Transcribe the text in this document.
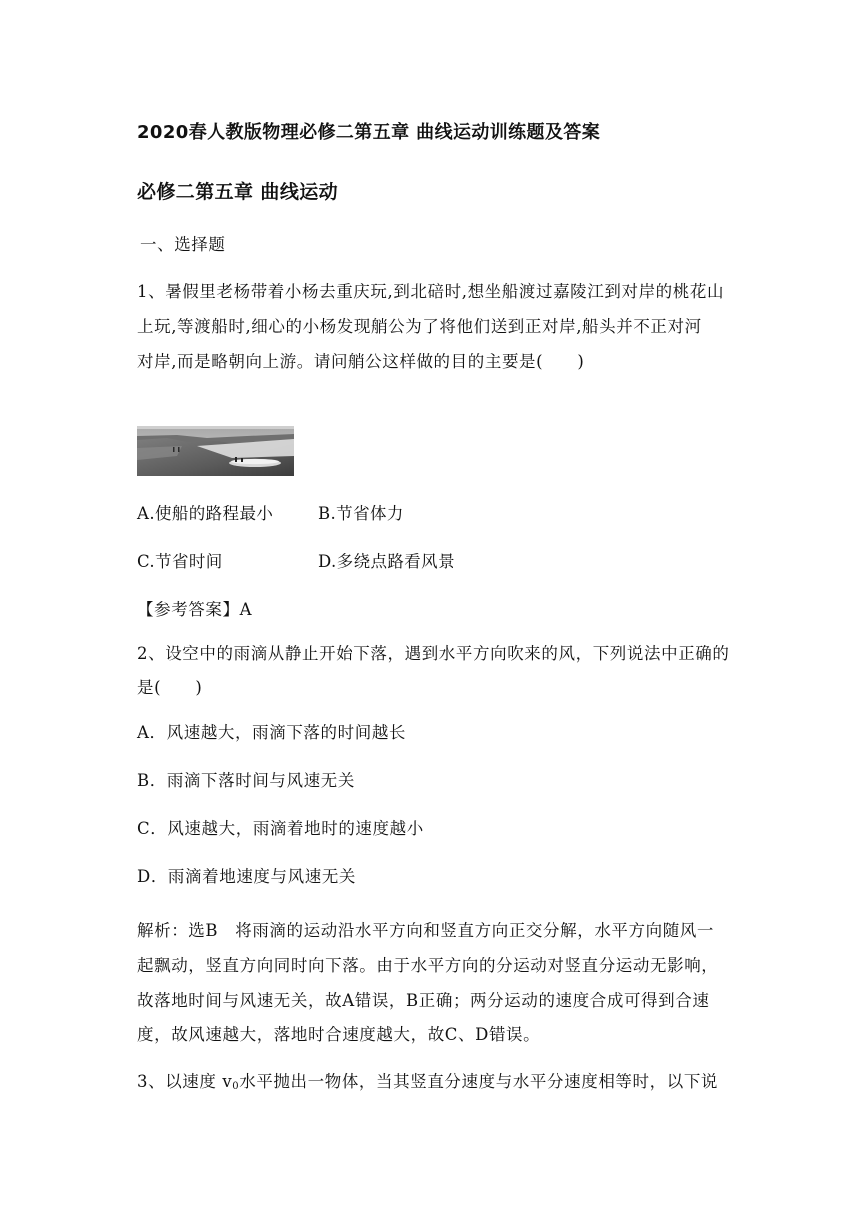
2020春人教版物理必修二第五章 曲线运动训练题及答案
必修二第五章 曲线运动
一、选择题
1、暑假里老杨带着小杨去重庆玩,到北碚时,想坐船渡过嘉陵江到对岸的桃花山
上玩,等渡船时,细心的小杨发现艄公为了将他们送到正对岸,船头并不正对河
对岸,而是略朝向上游。请问艄公这样做的目的主要是(　　)
A.使船的路程最小	B.节省体力
C.节省时间	D.多绕点路看风景
【参考答案】A
2、设空中的雨滴从静止开始下落，遇到水平方向吹来的风，下列说法中正确的
是(　　)
A．风速越大，雨滴下落的时间越长
B．雨滴下落时间与风速无关
C．风速越大，雨滴着地时的速度越小
D．雨滴着地速度与风速无关
解析：选B　将雨滴的运动沿水平方向和竖直方向正交分解，水平方向随风一
起飘动，竖直方向同时向下落。由于水平方向的分运动对竖直分运动无影响，
故落地时间与风速无关，故A错误，B正确；两分运动的速度合成可得到合速
度，故风速越大，落地时合速度越大，故C、D错误。
3、以速度 $v_0$水平抛出一物体，当其竖直分速度与水平分速度相等时，以下说
